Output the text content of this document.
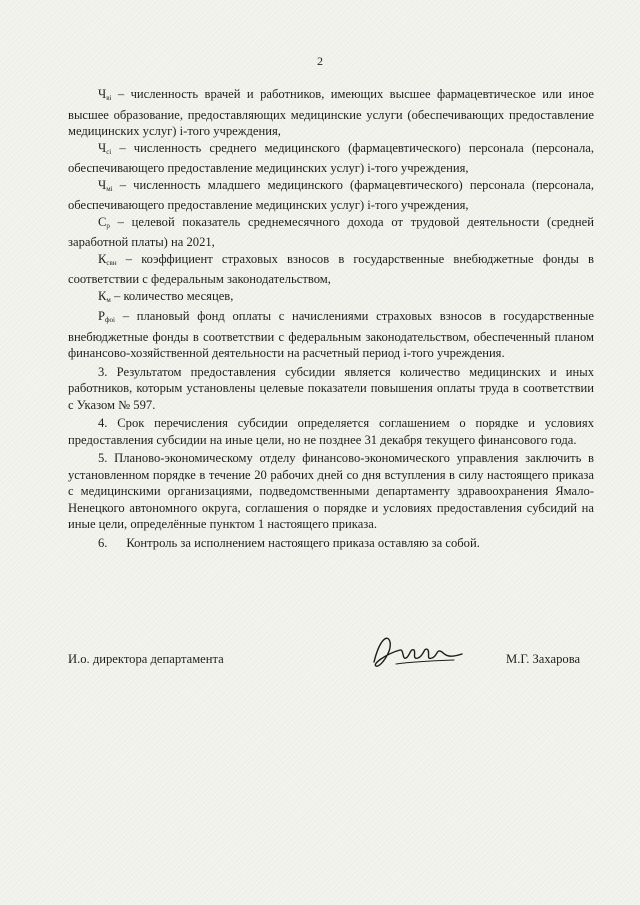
2

$Ч_{вi}$ – численность врачей и работников, имеющих высшее фармацевтическое или иное высшее образование, предоставляющих медицинские услуги (обеспечивающих предоставление медицинских услуг) i-того учреждения,

$Ч_{сi}$ – численность среднего медицинского (фармацевтического) персонала (персонала, обеспечивающего предоставление медицинских услуг) i-того учреждения,

$Ч_{мi}$ – численность младшего медицинского (фармацевтического) персонала (персонала, обеспечивающего предоставление медицинских услуг) i-того учреждения,

$С_р$ – целевой показатель среднемесячного дохода от трудовой деятельности (средней заработной платы) на 2021,

$К_{свн}$ – коэффициент страховых взносов в государственные внебюджетные фонды в соответствии с федеральным законодательством,

$К_м$ – количество месяцев,

$Р_{фоi}$ – плановый фонд оплаты с начислениями страховых взносов в государственные внебюджетные фонды в соответствии с федеральным законодательством, обеспеченный планом финансово-хозяйственной деятельности на расчетный период i-того учреждения.

3. Результатом предоставления субсидии является количество медицинских и иных работников, которым установлены целевые показатели повышения оплаты труда в соответствии с Указом № 597.

4. Срок перечисления субсидии определяется соглашением о порядке и условиях предоставления субсидии на иные цели, но не позднее 31 декабря текущего финансового года.

5. Планово-экономическому отделу финансово-экономического управления заключить в установленном порядке в течение 20 рабочих дней со дня вступления в силу настоящего приказа с медицинскими организациями, подведомственными департаменту здравоохранения Ямало-Ненецкого автономного округа, соглашения о порядке и условиях предоставления субсидий на иные цели, определённые пунктом 1 настоящего приказа.

6.      Контроль за исполнением настоящего приказа оставляю за собой.

И.о. директора департамента	М.Г. Захарова
